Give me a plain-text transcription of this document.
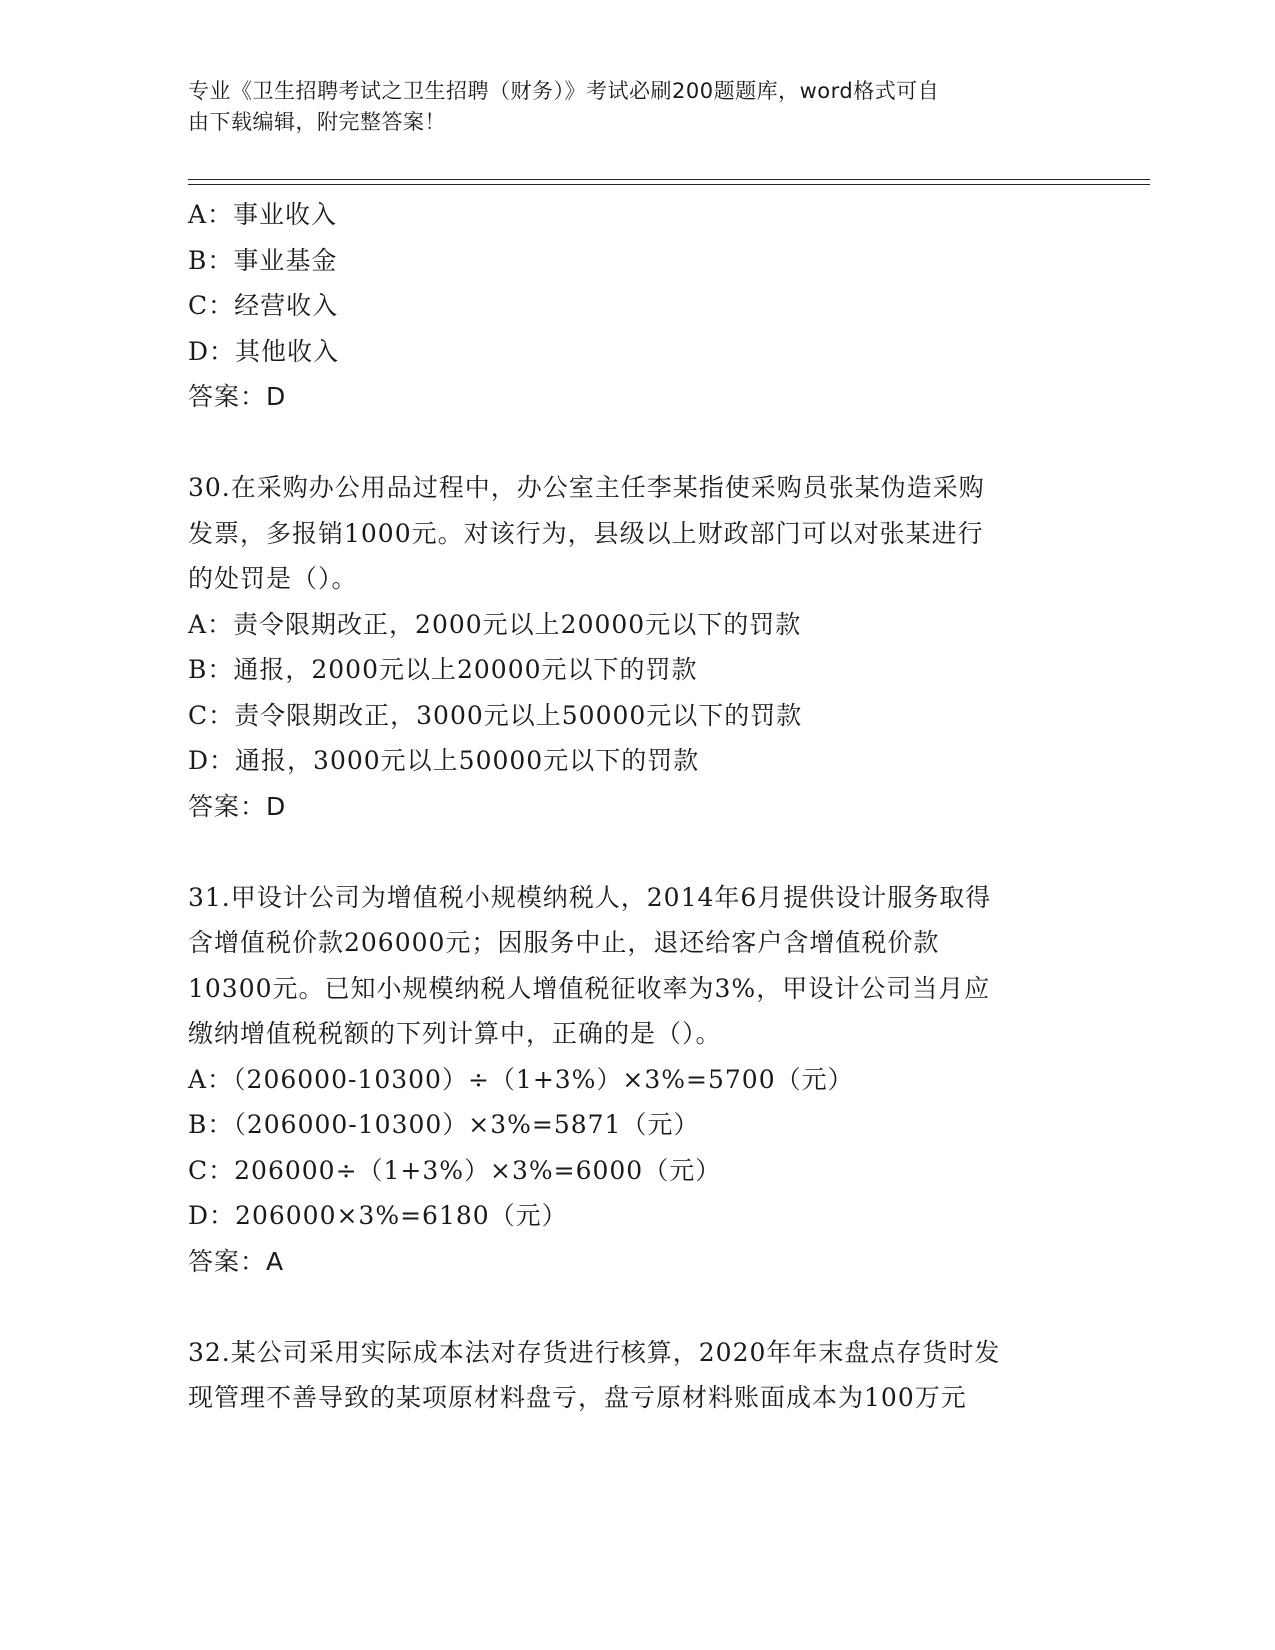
专业《卫生招聘考试之卫生招聘（财务）》考试必刷200题题库，word格式可自
由下载编辑，附完整答案！
A：事业收入
B：事业基金
C：经营收入
D：其他收入
答案：D
30.在采购办公用品过程中，办公室主任李某指使采购员张某伪造采购
发票，多报销1000元。对该行为，县级以上财政部门可以对张某进行
的处罚是（）。
A：责令限期改正，2000元以上20000元以下的罚款
B：通报，2000元以上20000元以下的罚款
C：责令限期改正，3000元以上50000元以下的罚款
D：通报，3000元以上50000元以下的罚款
答案：D
31.甲设计公司为增值税小规模纳税人，2014年6月提供设计服务取得
含增值税价款206000元；因服务中止，退还给客户含增值税价款
10300元。已知小规模纳税人增值税征收率为3%，甲设计公司当月应
缴纳增值税税额的下列计算中，正确的是（）。
A：（206000-10300）÷（1+3%）×3%=5700（元）
B：（206000-10300）×3%=5871（元）
C：206000÷（1+3%）×3%=6000（元）
D：206000×3%=6180（元）
答案：A
32.某公司采用实际成本法对存货进行核算，2020年年末盘点存货时发
现管理不善导致的某项原材料盘亏，盘亏原材料账面成本为100万元
